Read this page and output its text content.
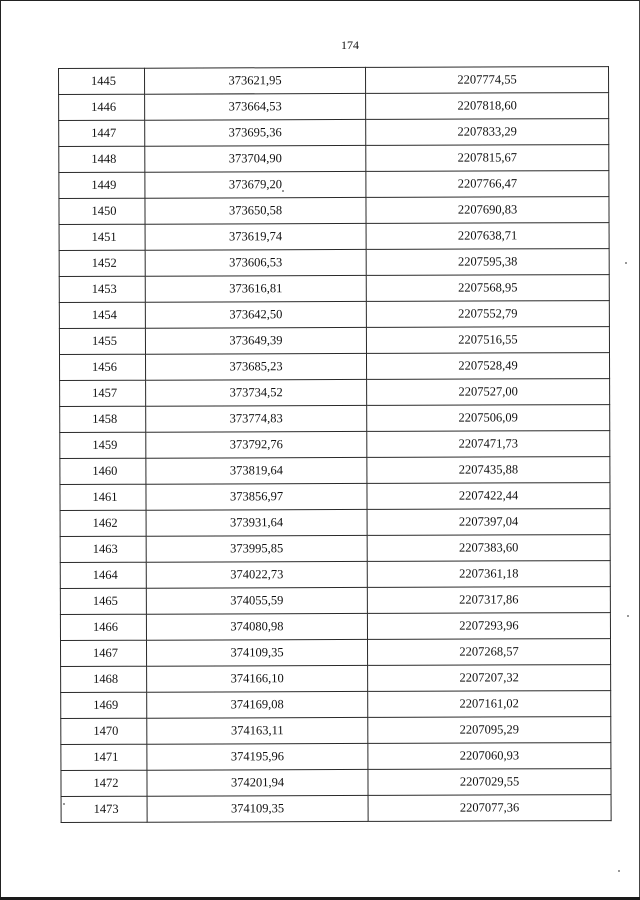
174
1445	373621,95	2207774,55
1446	373664,53	2207818,60
1447	373695,36	2207833,29
1448	373704,90	2207815,67
1449	373679,20	2207766,47
1450	373650,58	2207690,83
1451	373619,74	2207638,71
1452	373606,53	2207595,38
1453	373616,81	2207568,95
1454	373642,50	2207552,79
1455	373649,39	2207516,55
1456	373685,23	2207528,49
1457	373734,52	2207527,00
1458	373774,83	2207506,09
1459	373792,76	2207471,73
1460	373819,64	2207435,88
1461	373856,97	2207422,44
1462	373931,64	2207397,04
1463	373995,85	2207383,60
1464	374022,73	2207361,18
1465	374055,59	2207317,86
1466	374080,98	2207293,96
1467	374109,35	2207268,57
1468	374166,10	2207207,32
1469	374169,08	2207161,02
1470	374163,11	2207095,29
1471	374195,96	2207060,93
1472	374201,94	2207029,55
1473	374109,35	2207077,36
